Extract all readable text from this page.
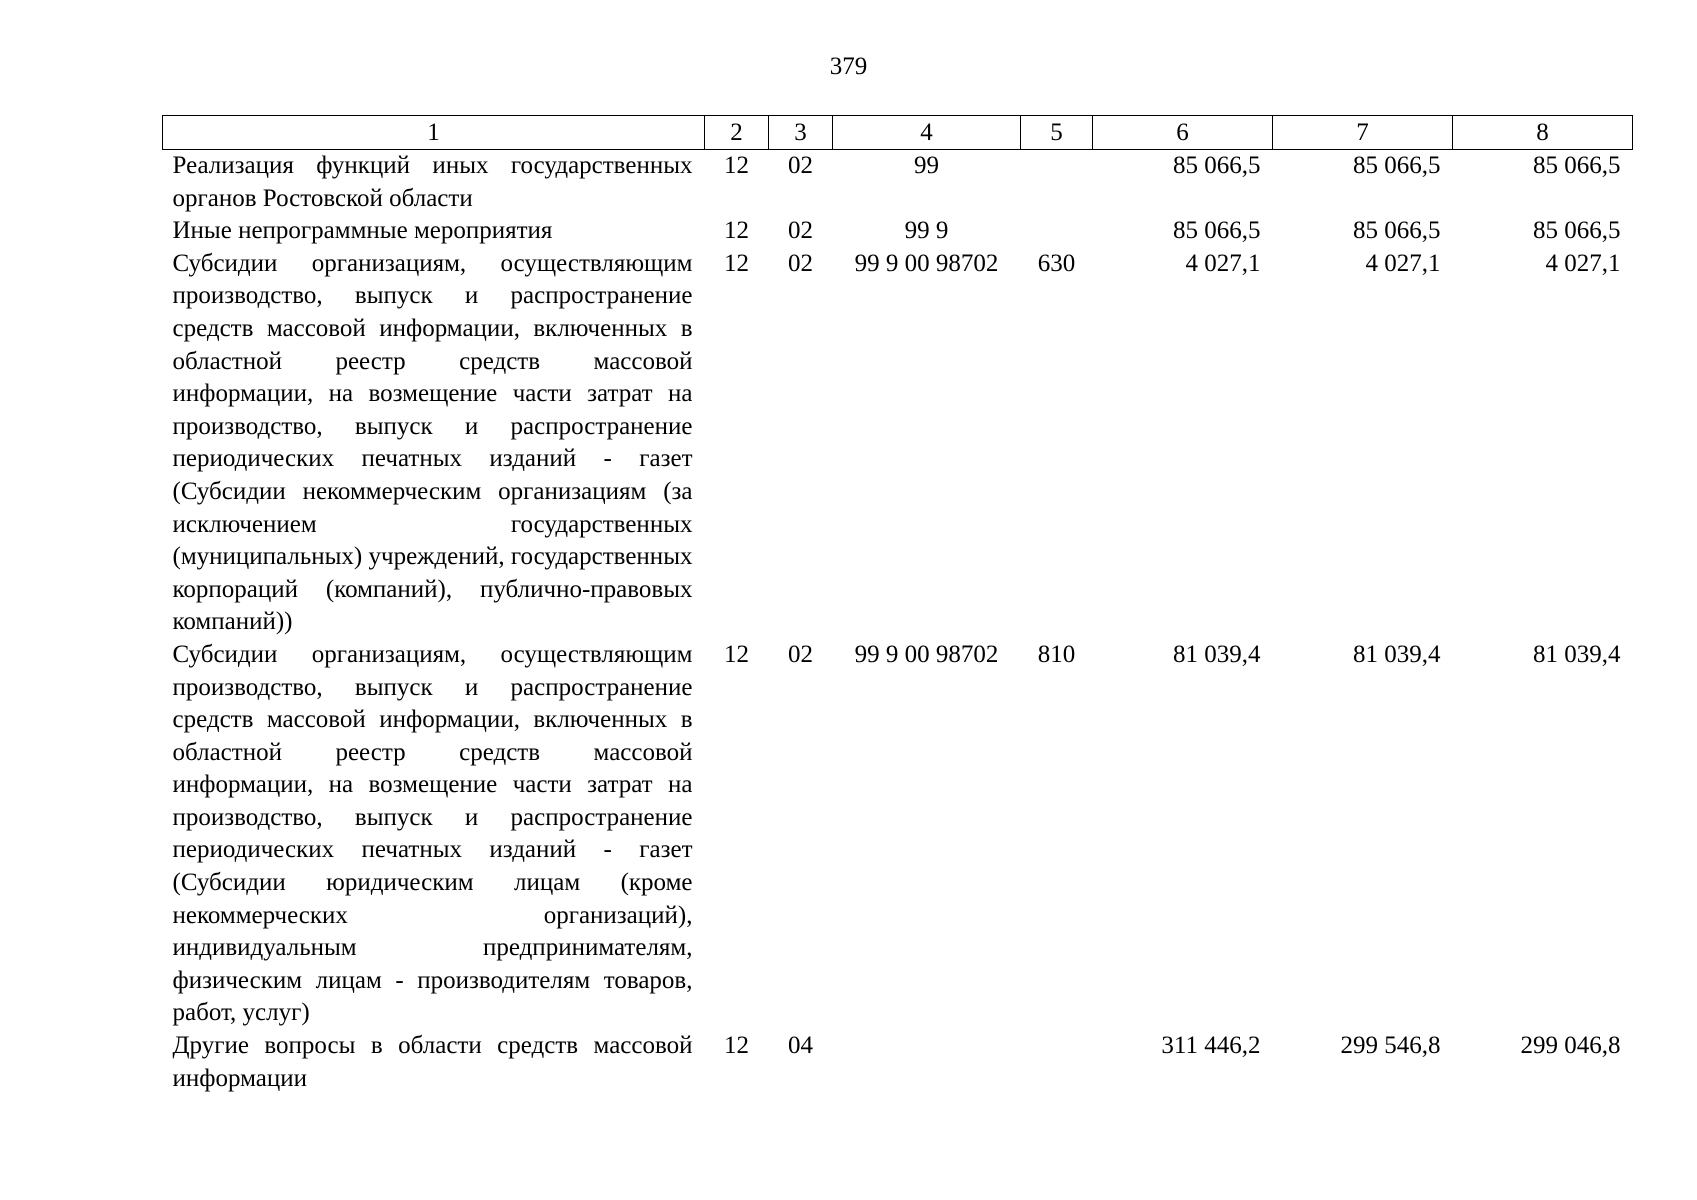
379
1	2	3	4	5	6	7	8
Реализация функций иных государственных органов Ростовской области	12	02	99		85 066,5	85 066,5	85 066,5
Иные непрограммные мероприятия	12	02	99 9		85 066,5	85 066,5	85 066,5
Субсидии организациям, осуществляющим производство, выпуск и распространение средств массовой информации, включенных в областной реестр средств массовой информации, на возмещение части затрат на производство, выпуск и распространение периодических печатных изданий - газет (Субсидии некоммерческим организациям (за исключением государственных (муниципальных) учреждений, государственных корпораций (компаний), публично-правовых компаний))	12	02	99 9 00 98702	630	4 027,1	4 027,1	4 027,1
Субсидии организациям, осуществляющим производство, выпуск и распространение средств массовой информации, включенных в областной реестр средств массовой информации, на возмещение части затрат на производство, выпуск и распространение периодических печатных изданий - газет (Субсидии юридическим лицам (кроме некоммерческих организаций), индивидуальным предпринимателям, физическим лицам - производителям товаров, работ, услуг)	12	02	99 9 00 98702	810	81 039,4	81 039,4	81 039,4
Другие вопросы в области средств массовой информации	12	04			311 446,2	299 546,8	299 046,8
